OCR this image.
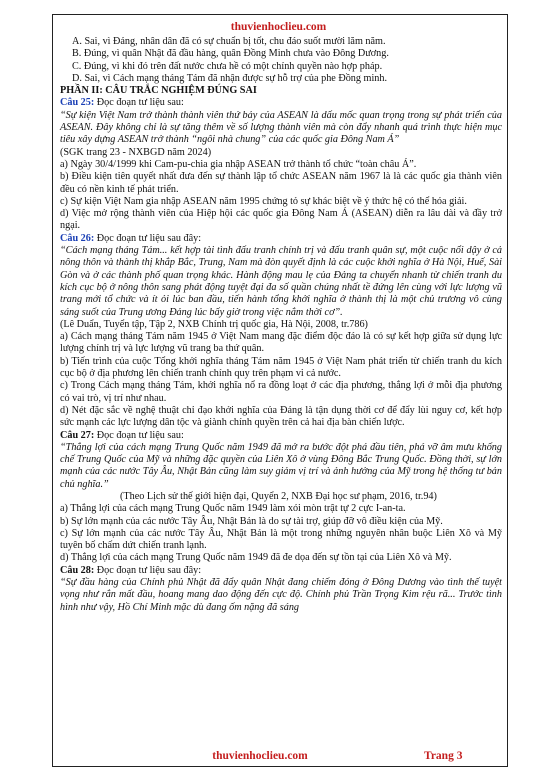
thuvienhoclieu.com

A. Sai, vì Đảng, nhân dân đã có sự chuẩn bị tốt, chu đáo suốt mười lăm năm.

B. Đúng, vì quân Nhật đã đầu hàng, quân Đồng Minh chưa vào Đông Dương.

C. Đúng, vì khi đó trên đất nước chưa hề có một chính quyền nào hợp pháp.

D. Sai, vì Cách mạng tháng Tám đã nhận được sự hỗ trợ của phe Đồng minh.

PHẦN II: CÂU TRẮC NGHIỆM ĐÚNG SAI

Câu 25: Đọc đoạn tư liệu sau:

“Sự kiện Việt Nam trở thành thành viên thứ bảy của ASEAN là dấu mốc quan trọng trong sự phát triển của ASEAN. Đây không chỉ là sự tăng thêm về số lượng thành viên mà còn đẩy nhanh quá trình thực hiện mục tiêu xây dựng ASEAN trở thành “ngôi nhà chung” của các quốc gia Đông Nam Á”

(SGK trang 23 - NXBGD năm 2024)

a) Ngày 30/4/1999 khi Cam-pu-chia gia nhập ASEAN trở thành tổ chức “toàn châu Á”.

b) Điều kiện tiên quyết nhất đưa đến sự thành lập tổ chức ASEAN năm 1967 là là các quốc gia thành viên đều có nền kinh tế phát triển.

c) Sự kiện Việt Nam gia nhập ASEAN năm 1995 chứng tỏ sự khác biệt về ý thức hệ có thể hóa giải.

d) Việc mở rộng thành viên của Hiệp hội các quốc gia Đông Nam Á (ASEAN) diễn ra lâu dài và đầy trở ngại.

Câu 26: Đọc đoạn tư liệu sau đây:

“Cách mạng tháng Tám... kết hợp tài tình đấu tranh chính trị và đấu tranh quân sự, một cuộc nổi dậy ở cả nông thôn và thành thị khắp Bắc, Trung, Nam mà đòn quyết định là các cuộc khởi nghĩa ở Hà Nội, Huế, Sài Gòn và ở các thành phố quan trọng khác. Hành động mau lẹ của Đảng ta chuyển nhanh từ chiến tranh du kích cục bộ ở nông thôn sang phát động tuyệt đại đa số quần chúng nhất tề đứng lên cùng với lực lượng vũ trang mới tổ chức và ít ỏi lúc ban đầu, tiến hành tổng khởi nghĩa ở thành thị là một chủ trương vô cùng sáng suốt của Trung ương Đảng lúc bấy giờ trong việc nắm thời cơ”.

(Lê Duẩn, Tuyển tập, Tập 2, NXB Chính trị quốc gia, Hà Nội, 2008, tr.786)

a) Cách mạng tháng Tám năm 1945 ở Việt Nam mang đặc điểm độc đáo là có sự kết hợp giữa sử dụng lực lượng chính trị và lực lượng vũ trang ba thứ quân.

b) Tiến trình của cuộc Tổng khởi nghĩa tháng Tám năm 1945 ở Việt Nam phát triển từ chiến tranh du kích cục bộ ở địa phương lên chiến tranh chính quy trên phạm vi cả nước.

c) Trong Cách mạng tháng Tám, khởi nghĩa nổ ra đồng loạt ở các địa phương, thắng lợi ở mỗi địa phương có vai trò, vị trí như nhau.

d) Nét đặc sắc về nghệ thuật chỉ đạo khởi nghĩa của Đảng là tận dụng thời cơ để đẩy lùi nguy cơ, kết hợp sức mạnh các lực lượng dân tộc và giành chính quyền trên cả hai địa bàn chiến lược.

Câu 27: Đọc đoạn tư liệu sau:

“Thắng lợi của cách mạng Trung Quốc năm 1949 đã mở ra bước đột phá đầu tiên, phá vỡ âm mưu khống chế Trung Quốc của Mỹ và những đặc quyền của Liên Xô ở vùng Đông Bắc Trung Quốc. Đồng thời, sự lớn mạnh của các nước Tây Âu, Nhật Bản cũng làm suy giảm vị trí và ảnh hưởng của Mỹ trong hệ thống tư bản chủ nghĩa.”

(Theo Lịch sử thế giới hiện đại, Quyển 2, NXB Đại học sư phạm, 2016, tr.94)

a) Thắng lợi của cách mạng Trung Quốc năm 1949 làm xói mòn trật tự 2 cực I-an-ta.

b) Sự lớn mạnh của các nước Tây Âu, Nhật Bản là do sự tài trợ, giúp đỡ vô điều kiện của Mỹ.

c) Sự lớn mạnh của các nước Tây Âu, Nhật Bản là một trong những nguyên nhân buộc Liên Xô và Mỹ tuyên bố chấm dứt chiến tranh lạnh.

d) Thắng lợi của cách mạng Trung Quốc năm 1949 đã đe dọa đến sự tồn tại của Liên Xô và Mỹ.

Câu 28: Đọc đoạn tư liệu sau đây:

“Sự đầu hàng của Chính phủ Nhật đã đẩy quân Nhật đang chiếm đóng ở Đông Dương vào tình thế tuyệt vọng như rắn mất đầu, hoang mang dao động đến cực độ. Chính phủ Trần Trọng Kim rệu rã... Trước tình hình như vậy, Hồ Chí Minh mặc dù đang ốm nặng đã sáng

thuvienhoclieu.com	Trang 3
